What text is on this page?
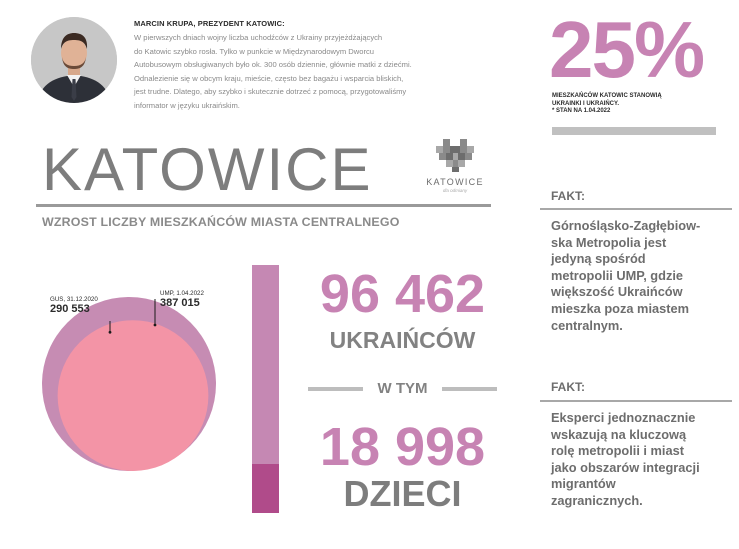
MARCIN KRUPA, PREZYDENT KATOWIC:
W pierwszych dniach wojny liczba uchodźców z Ukrainy przyjeżdżających
do Katowic szybko rosła. Tylko w punkcie w Międzynarodowym Dworcu
Autobusowym obsługiwanych było ok. 300 osób dziennie, głównie matki z dziećmi.
Odnalezienie się w obcym kraju, mieście, często bez bagażu i wsparcia bliskich,
jest trudne. Dlatego, aby szybko i skutecznie dotrzeć z pomocą, przygotowaliśmy
informator w języku ukraińskim.
25%
MIESZKAŃCÓW KATOWIC STANOWIĄ
UKRAINKI I UKRAIŃCY.
* STAN NA 1.04.2022
KATOWICE	KATOWICE
dla odmiany
WZROST LICZBY MIESZKAŃCÓW MIASTA CENTRALNEGO
GUS, 31.12.2020
290 553
UMP, 1.04.2022
387 015	96 462
UKRAIŃCÓW
W TYM
18 998
DZIECI
FAKT:
Górnośląsko-Zagłębiow-
ska Metropolia jest
jedyną spośród
metropolii UMP, gdzie
większość Ukraińców
mieszka poza miastem
centralnym.
FAKT:
Eksperci jednoznacznie
wskazują na kluczową
rolę metropolii i miast
jako obszarów integracji
migrantów
zagranicznych.
